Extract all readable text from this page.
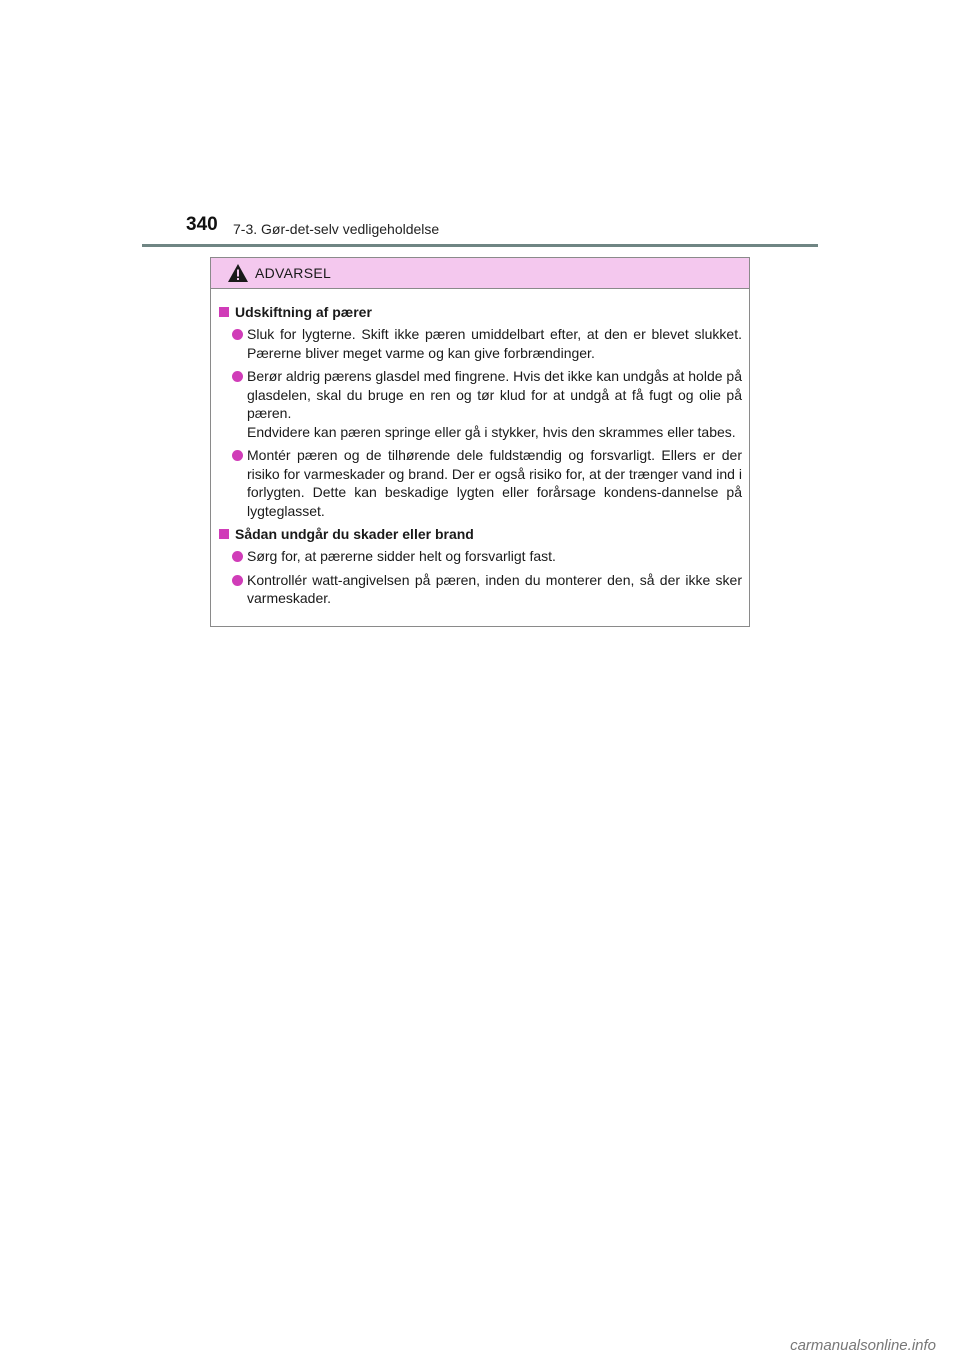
340 7-3. Gør-det-selv vedligeholdelse
ADVARSEL
Udskiftning af pærer
Sluk for lygterne. Skift ikke pæren umiddelbart efter, at den er blevet slukket. Pærerne bliver meget varme og kan give forbrændinger.
Berør aldrig pærens glasdel med fingrene. Hvis det ikke kan undgås at holde på glasdelen, skal du bruge en ren og tør klud for at undgå at få fugt og olie på pæren.
Endvidere kan pæren springe eller gå i stykker, hvis den skrammes eller tabes.
Montér pæren og de tilhørende dele fuldstændig og forsvarligt. Ellers er der risiko for varmeskader og brand. Der er også risiko for, at der trænger vand ind i forlygten. Dette kan beskadige lygten eller forårsage kondens-dannelse på lygteglasset.
Sådan undgår du skader eller brand
Sørg for, at pærerne sidder helt og forsvarligt fast.
Kontrollér watt-angivelsen på pæren, inden du monterer den, så der ikke sker varmeskader.
carmanualsonline.info
